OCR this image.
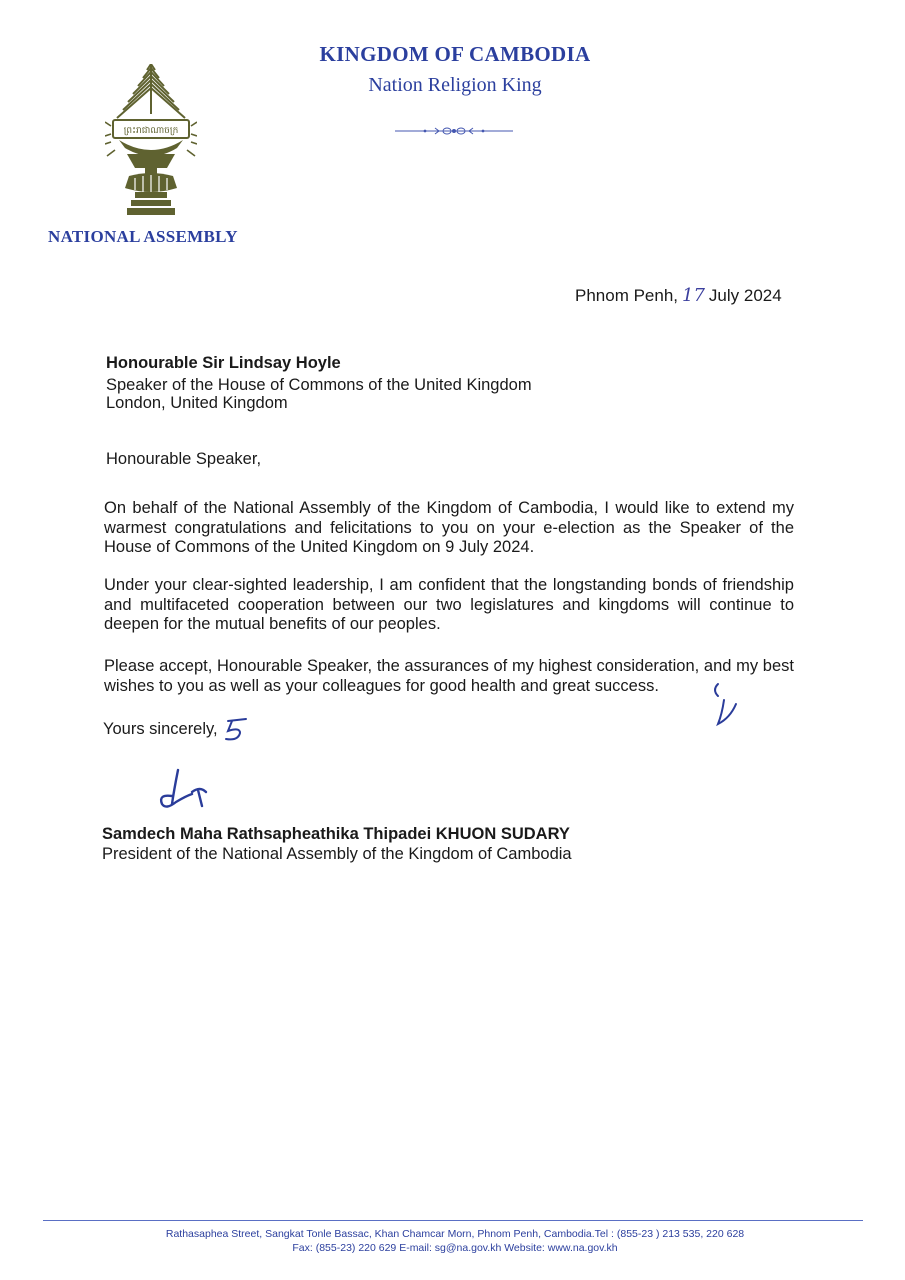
KINGDOM OF CAMBODIA
Nation Religion King
ព្រះរាជាណាចក្រ
NATIONAL ASSEMBLY
Phnom Penh, 17 July 2024
Honourable Sir Lindsay Hoyle
Speaker of the House of Commons of the United Kingdom
London, United Kingdom
Honourable Speaker,
On behalf of the National Assembly of the Kingdom of Cambodia, I would like to extend my warmest congratulations and felicitations to you on your e-election as the Speaker of the House of Commons of the United Kingdom on 9 July 2024.
Under your clear-sighted leadership, I am confident that the longstanding bonds of friendship and multifaceted cooperation between our two legislatures and kingdoms will continue to deepen for the mutual benefits of our peoples.
Please accept, Honourable Speaker, the assurances of my highest consideration, and my best wishes to you as well as your colleagues for good health and great success.
Yours sincerely,
Samdech Maha Rathsapheathika Thipadei KHUON SUDARY
President of the National Assembly of the Kingdom of Cambodia
Rathasaphea Street, Sangkat Tonle Bassac, Khan Chamcar Morn, Phnom Penh, Cambodia.Tel : (855-23 ) 213 535, 220 628
Fax: (855-23) 220 629 E-mail: sg@na.gov.kh Website: www.na.gov.kh
